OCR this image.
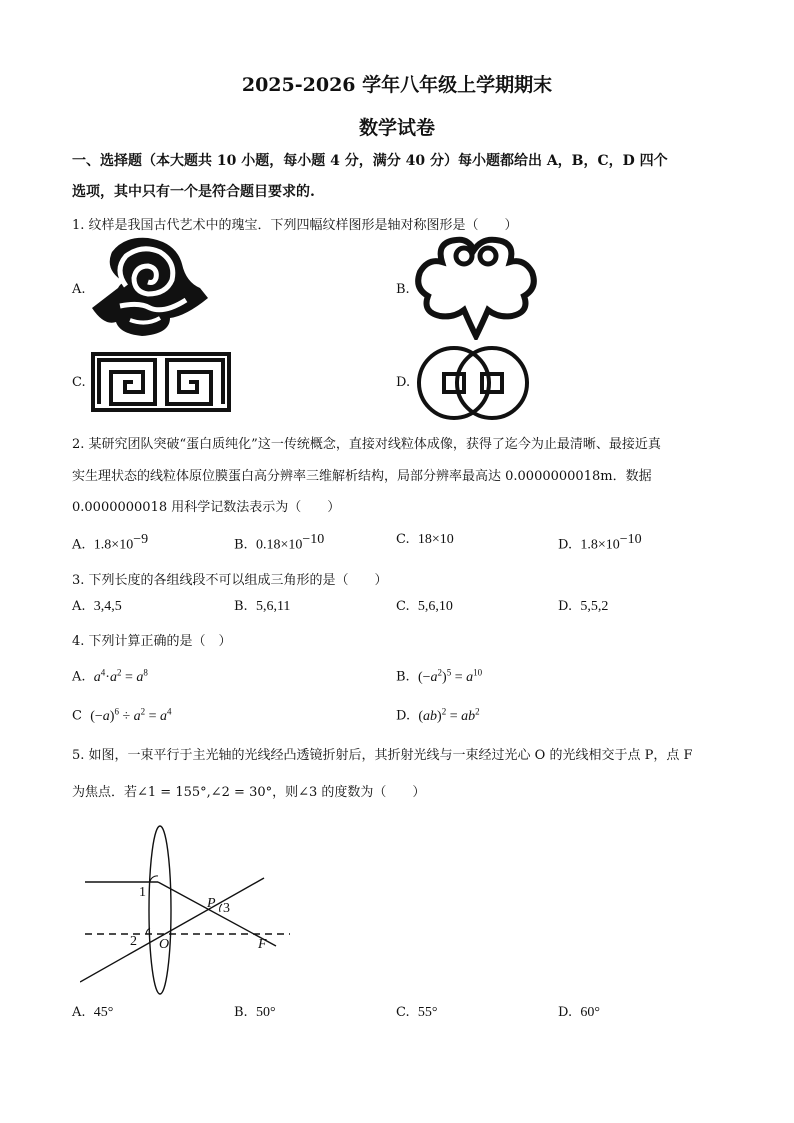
2025-2026 学年八年级上学期期末
数学试卷
一、选择题（本大题共 10 小题，每小题 4 分，满分 40 分）每小题都给出 A，B，C，D 四个
选项，其中只有一个是符合题目要求的.
1. 纹样是我国古代艺术中的瑰宝．下列四幅纹样图形是轴对称图形是（　　）
A.	B.
C.	D.
2. 某研究团队突破“蛋白质纯化”这一传统概念，直接对线粒体成像，获得了迄今为止最清晰、最接近真
实生理状态的线粒体原位膜蛋白高分辨率三维解析结构，局部分辨率最高达 0.0000000018m．数据
0.0000000018 用科学记数法表示为（　　）
A. $1.8\times 10^{-9}$	B. $0.18\times 10^{-10}$	C. 18×10	D. $1.8\times 10^{-10}$
3. 下列长度的各组线段不可以组成三角形的是（　　）
A. 3,4,5	B. 5,6,11	C. 5,6,10	D. 5,5,2
4. 下列计算正确的是（　）
A. $a^4\cdot a^2 = a^8$	B. $(-a^2)^5 = a^{10}$
C $(-a)^6 \div a^2 = a^4$	D. $(ab)^2 = ab^2$
5. 如图，一束平行于主光轴的光线经凸透镜折射后，其折射光线与一束经过光心 O 的光线相交于点 P，点 F
为焦点．若∠1 = 155°,∠2 = 30°，则∠3 的度数为（　　）
1
2
3
O
P
F
A. 45°	B. 50°	C. 55°	D. 60°
